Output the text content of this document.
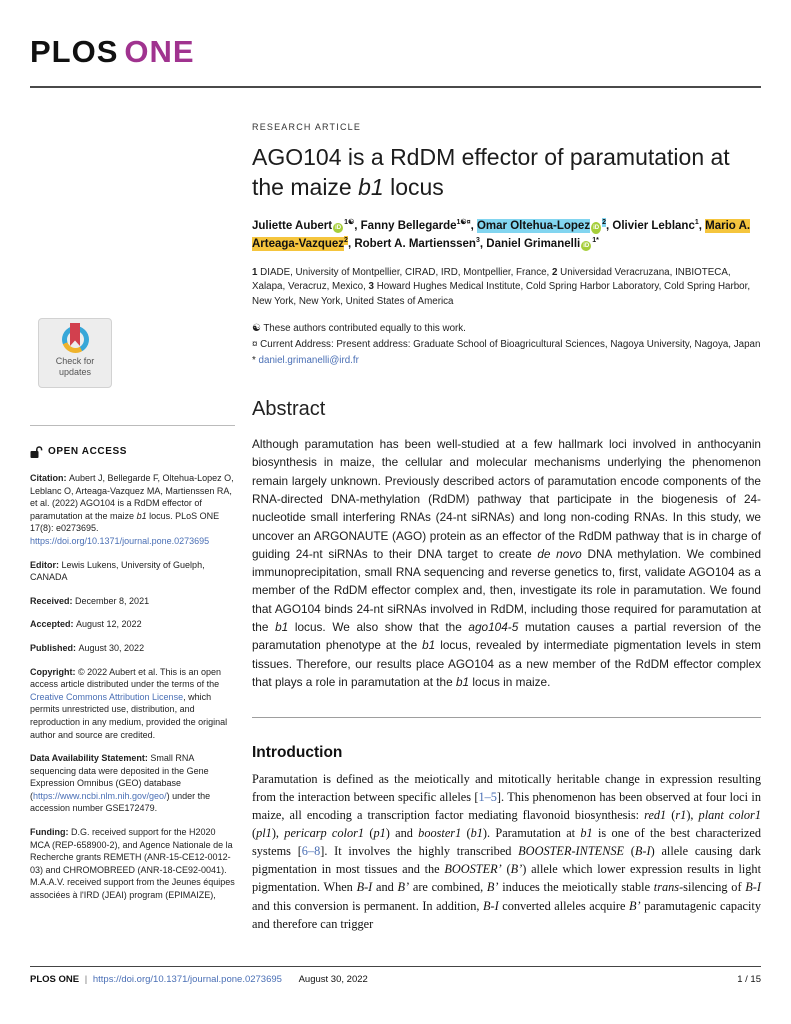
PLOS ONE
Check for
updates
OPEN ACCESS

Citation: Aubert J, Bellegarde F, Oltehua-Lopez O, Leblanc O, Arteaga-Vazquez MA, Martienssen RA, et al. (2022) AGO104 is a RdDM effector of paramutation at the maize b1 locus. PLoS ONE 17(8): e0273695. https://doi.org/10.1371/journal.pone.0273695

Editor: Lewis Lukens, University of Guelph, CANADA

Received: December 8, 2021

Accepted: August 12, 2022

Published: August 30, 2022

Copyright: © 2022 Aubert et al. This is an open access article distributed under the terms of the Creative Commons Attribution License, which permits unrestricted use, distribution, and reproduction in any medium, provided the original author and source are credited.

Data Availability Statement: Small RNA sequencing data were deposited in the Gene Expression Omnibus (GEO) database (https://www.ncbi.nlm.nih.gov/geo/) under the accession number GSE172479.

Funding: D.G. received support for the H2020 MCA (REP-658900-2), and Agence Nationale de la Recherche grants REMETH (ANR-15-CE12-0012-03) and CHROMOBREED (ANR-18-CE92-0041). M.A.A.V. received support from the Jeunes équipes associées à l'IRD (JEAI) program (EPIMAIZE),

RESEARCH ARTICLE
AGO104 is a RdDM effector of paramutation at the maize b1 locus

Juliette AubertiD $^{1☯}$, Fanny Bellegarde$^{1☯¤}$, Omar Oltehua-Lopez iD $^2$, Olivier Leblanc$^1$, Mario A. Arteaga-Vazquez$^2$, Robert A. Martienssen$^3$, Daniel GrimanelliiD $^{1*}$

1 DIADE, University of Montpellier, CIRAD, IRD, Montpellier, France, 2 Universidad Veracruzana, INBIOTECA, Xalapa, Veracruz, Mexico, 3 Howard Hughes Medical Institute, Cold Spring Harbor Laboratory, Cold Spring Harbor, New York, New York, United States of America

☯ These authors contributed equally to this work.

¤ Current Address: Present address: Graduate School of Bioagricultural Sciences, Nagoya University, Nagoya, Japan

* daniel.grimanelli@ird.fr

Abstract

Although paramutation has been well-studied at a few hallmark loci involved in anthocyanin biosynthesis in maize, the cellular and molecular mechanisms underlying the phenomenon remain largely unknown. Previously described actors of paramutation encode components of the RNA-directed DNA-methylation (RdDM) pathway that participate in the biogenesis of 24-nucleotide small interfering RNAs (24-nt siRNAs) and long non-coding RNAs. In this study, we uncover an ARGONAUTE (AGO) protein as an effector of the RdDM pathway that is in charge of guiding 24-nt siRNAs to their DNA target to create de novo DNA methylation. We combined immunoprecipitation, small RNA sequencing and reverse genetics to, first, validate AGO104 as a member of the RdDM effector complex and, then, investigate its role in paramutation. We found that AGO104 binds 24-nt siRNAs involved in RdDM, including those required for paramutation at the b1 locus. We also show that the ago104-5 mutation causes a partial reversion of the paramutation phenotype at the b1 locus, revealed by intermediate pigmentation levels in stem tissues. Therefore, our results place AGO104 as a new member of the RdDM effector complex that plays a role in paramutation at the b1 locus in maize.

Introduction

Paramutation is defined as the meiotically and mitotically heritable change in expression resulting from the interaction between specific alleles [1–5]. This phenomenon has been observed at four loci in maize, all encoding a transcription factor mediating flavonoid biosynthesis: red1 (r1), plant color1 (pl1), pericarp color1 (p1) and booster1 (b1). Paramutation at b1 is one of the best characterized systems [6–8]. It involves the highly transcribed BOOSTER-INTENSE (B-I) allele causing dark pigmentation in most tissues and the BOOSTER’ (B’) allele which lower expression results in light pigmentation. When B-I and B’ are combined, B’ induces the meiotically stable trans-silencing of B-I and this conversion is permanent. In addition, B-I converted alleles acquire B’ paramutagenic capacity and therefore can trigger

PLOS ONE | https://doi.org/10.1371/journal.pone.0273695 August 30, 2022	1 / 15
